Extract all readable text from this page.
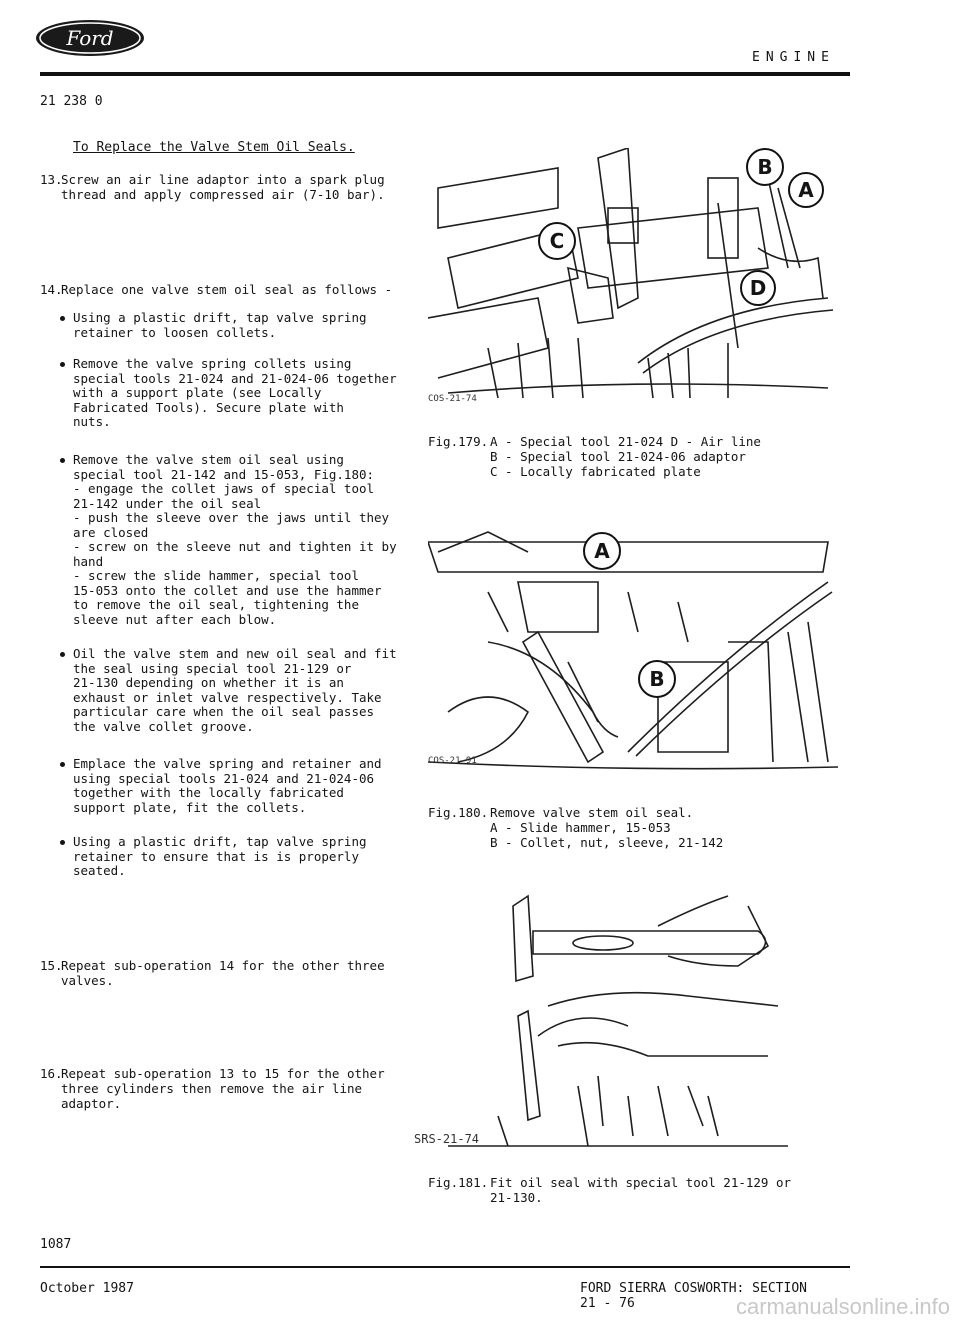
Ford
ENGINE
21 238 0
To Replace the Valve Stem Oil Seals.
13.
Screw an air line adaptor into a spark plug
thread and apply compressed air (7-10 bar).
14.
Replace one valve stem oil seal as follows -
Using a plastic drift, tap valve spring
retainer to loosen collets.
Remove the valve spring collets using
special tools 21-024 and 21-024-06 together
with a support plate (see Locally
Fabricated Tools). Secure plate with
nuts.
Remove the valve stem oil seal using
special tool 21-142 and 15-053, Fig.180:
- engage the collet jaws of special tool
21-142 under the oil seal
- push the sleeve over the jaws until they
are closed
- screw on the sleeve nut and tighten it by
hand
- screw the slide hammer, special tool
15-053 onto the collet and use the hammer
to remove the oil seal, tightening the
sleeve nut after each blow.
Oil the valve stem and new oil seal and fit
the seal using special tool 21-129 or
21-130 depending on whether it is an
exhaust or inlet valve respectively. Take
particular care when the oil seal passes
the valve collet groove.
Emplace the valve spring and retainer and
using special tools 21-024 and 21-024-06
together with the locally fabricated
support plate, fit the collets.
Using a plastic drift, tap valve spring
retainer to ensure that is is properly
seated.
15.
Repeat sub-operation 14 for the other three
valves.
16.
Repeat sub-operation 13 to 15 for the other
three cylinders then remove the air line
adaptor.
C
B
A
D
COS-21-74
Fig.179. A - Special tool 21-024 D - Air line
B - Special tool 21-024-06 adaptor
C - Locally fabricated plate
A
B
COS-21-91
Fig.180. Remove valve stem oil seal.
A - Slide hammer, 15-053
B - Collet, nut, sleeve, 21-142
SRS-21-74
Fig.181. Fit oil seal with special tool 21-129 or
21-130.
1087
October 1987	FORD SIERRA COSWORTH: SECTION 21 - 76	carmanualsonline.info
